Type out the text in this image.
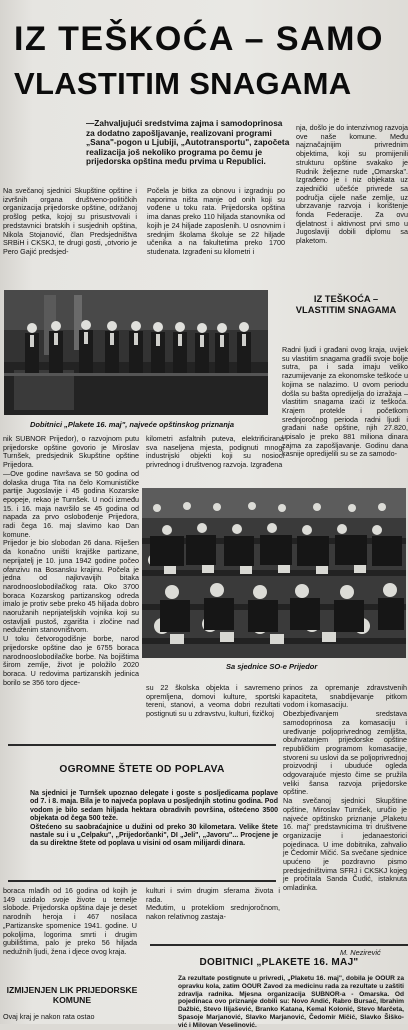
IZ TEŠKOĆA – SAMO
VLASTITIM SNAGAMA
—Zahvaljujući sredstvima zajma i samodoprinosa za dodatno zapošljavanje, realizovani programi „Sana"-pogon u Ljubiji, „Autotransportu", započeta realizacija još nekoliko programa po čemu je prijedorska opština među prvima u Republici.
nja, došlo je do intenzivnog razvoja ove naše komune. Među najznačajnijim privrednim objektima, koji su promijenili strukturu opštine svakako je Rudnik željezne rude „Omarska". Izgrađeno je i niz objekata uz zajednički učešće privrede sa područja cijele naše zemlje, uz ubrzavanje razvoja i korištenje fonda Federacije. Za ovu djelatnost i aktivnost prvi smo u Jugoslaviji dobili diplomu sa plaketom.
Na svečanoj sjednici Skupštine opštine i izvršnih organa društveno-političkih organizacija prijedorske opštine, održanoj prošlog petka, kojoj su prisustvovali i predstavnici bratskih i susjednih opština, Nikola Stojanović, član Predsjedništva SRBiH i CKSKJ, te drugi gosti, „otvorio je Pero Gajić predsjed-
Počela je bitka za obnovu i izgradnju po naporima ništa manje od onih koji su vođene u toku rata. Prijedorska opština ima danas preko 110 hiljada stanovnika od kojih je 24 hiljade zaposlenih. U osnovnim i srednjim školama školuje se 22 hiljade učenika a na fakultetima preko 1700 studenata. Izgrađeni su kilometri i
Dobitnici „Plakete 16. maj", najveće opštinskog priznanja
IZ TEŠKOĆA –
VLASTITIM SNAGAMA
Radni ljudi i građani ovog kraja, uvijek su vlastitim snagama građili svoje bolje sutra, pa i sada imaju veliko razumijevanje za ekonomske teškoće u kojima se nalazimo. U ovom periodu došla su bašta opredijelja do izražaja – vlastitim snagama izaći iz teškoća. Krajem protekle i početkom srednjoročnog perioda radni ljudi i građani naše opštine, njih 27.820, upisalo je preko 881 miliona dinara zajma za zapošljavanje. Godinu dana kasnije opredijelili su se za samodo-
nik SUBNOR Prijedor), o razvojnom putu prijedorske opštine govorio je Miroslav Turnšek, predsjednik Skupštine opštine Prijedora.
—Ove godine navršava se 50 godina od dolaska druga Tita na čelo Komunističke partije Jugoslavije i 45 godina Kozarske epopeje, rekao je Turnšek. U noći između 15. i 16. maja navršilo se 45 godina od napada za prvo oslobođenje Prijedora, radi čega 16. maj slavimo kao Dan komune.
Prijedor je bio slobodan 26 dana. Riješen da konačno uništi krajiške partizane, neprijatelj je 10. juna 1942 godine počeo ofanzivu na Bosansku krajinu. Počela je jedna od najkrvavijih bitaka narodnooslobodilačkog rata. Oko 3700 boraca Kozarskog partizanskog odreda imalo je protiv sebe preko 45 hiljada dobro naoružanih neprijateljskih vojnika koji su ostavljali pustoš, zgarišta i zločine nad neduženim stanovništvom.
U toku četvorogodišnje borbe, narod prijedorske opštine dao je 6755 boraca narodnooslobodilačke borbe. Na bojištima širom zemlje, život je položilo 2020 boraca. U redovima partizanskih jedinica borilo se 356 toro djece-
kilometri asfaltnih puteva, elektrificirana sva naseljena mjesta, podignuti mnogi industrijski objekti koji su nosioci privrednog i društvenog razvoja. Izgrađena
Sa sjednice SO-e Prijedor
su 22 školska objekta i savremeno opremljena, domovi kulture, sportski tereni, stanovi, a veoma dobri rezultati postignuti su u zdravstvu, kulturi, fizičkoj
prinos za opremanje zdravstvenih kapaciteta, snabdijevanje pitkom vodom i komasaciju.
Obezbjeđivanjem sredstava samodoprinosa za komasaciju i uređivanje poljoprivrednog zemljišta, obuhvatanjem prijedorske opštine republičkim programom komasacije, stvoreni su uslovi da se poljoprivrednoj proizvodnji i ubuduće ogleda odgovarajuće mjesto čime se pružila veliki šansa razvoja prijedorske opštine.
Na svečanoj sjednici Skupštine opštine, Miroslav Turnšek, uručio je najveće opštinsko priznanje „Plaketu 16. maj" predstavnicima tri društvene organizacije i jedanaestorici pojedinaca. U ime dobitnika, zahvalio je Čedomir Mičić. Sa svečane sjednice upućeno je pozdravno pismo predsjedništvima SFRJ i CKSKJ kojeg je pročitala Sanda Čudić, istaknuta omladinka.
M. Nezirević
OGROMNE ŠTETE OD POPLAVA
Na sjednici je Turnšek upoznao delegate i goste s posljedicama poplave od 7. i 8. maja. Bila je to najveća poplava u posljednjih stotinu godina. Pod vodom je bilo sedam hiljada hektara obradivih površina, oštećeno 3500 objekata od čega 500 teže.
Oštećeno su saobraćajnice u dužini od preko 30 kilometara. Velike štete nastale su i u „Celpaku", „Prijedorčanki", DI „Jeli", „Javoru"... Procjene je da su direktne štete od poplava u visini od osam milijardi dinara.
boraca mlađih od 16 godina od kojih je 149 uzidalo svoje živote u temelje slobode. Prijedorska opština daje je deset narodnih heroja i 467 nosilaca „Partizanske spomenice 1941. godine. U pokoljima, logorima smrti i drugim gubilištima, palo je preko 56 hiljada nedužnih ljudi, žena i djece ovog kraja.
IZMIJENJEN LIK PRIJEDORSKE KOMUNE
Ovaj kraj je nakon rata ostao
kulturi i svim drugim sferama života i rada.
Međutim, u protekliom srednjoročnom, nakon relativnog zastaja-
DOBITNICI „PLAKETE 16. MAJ"
Za rezultate postignute u privredi, „Plaketu 16. maj", dobila je OOUR za opravku kola, zatim OOUR Zavod za medicinu rada za rezultate u zaštiti zdravlja radnika. Mjesna organizacija SUBNOR-a - Omarska. Od pojedinaca ovo priznanje dobili su: Novo Andić, Rabro Bursać, Ibrahim Dažbić, Stevo Ilijašević, Branko Katana, Kemal Kolonić, Stevo Marčeta, Spasoje Marjanović, Slavko Marjanović, Čedomir Mičić, Slavko Šiško-vić i Milovan Veselinović.
